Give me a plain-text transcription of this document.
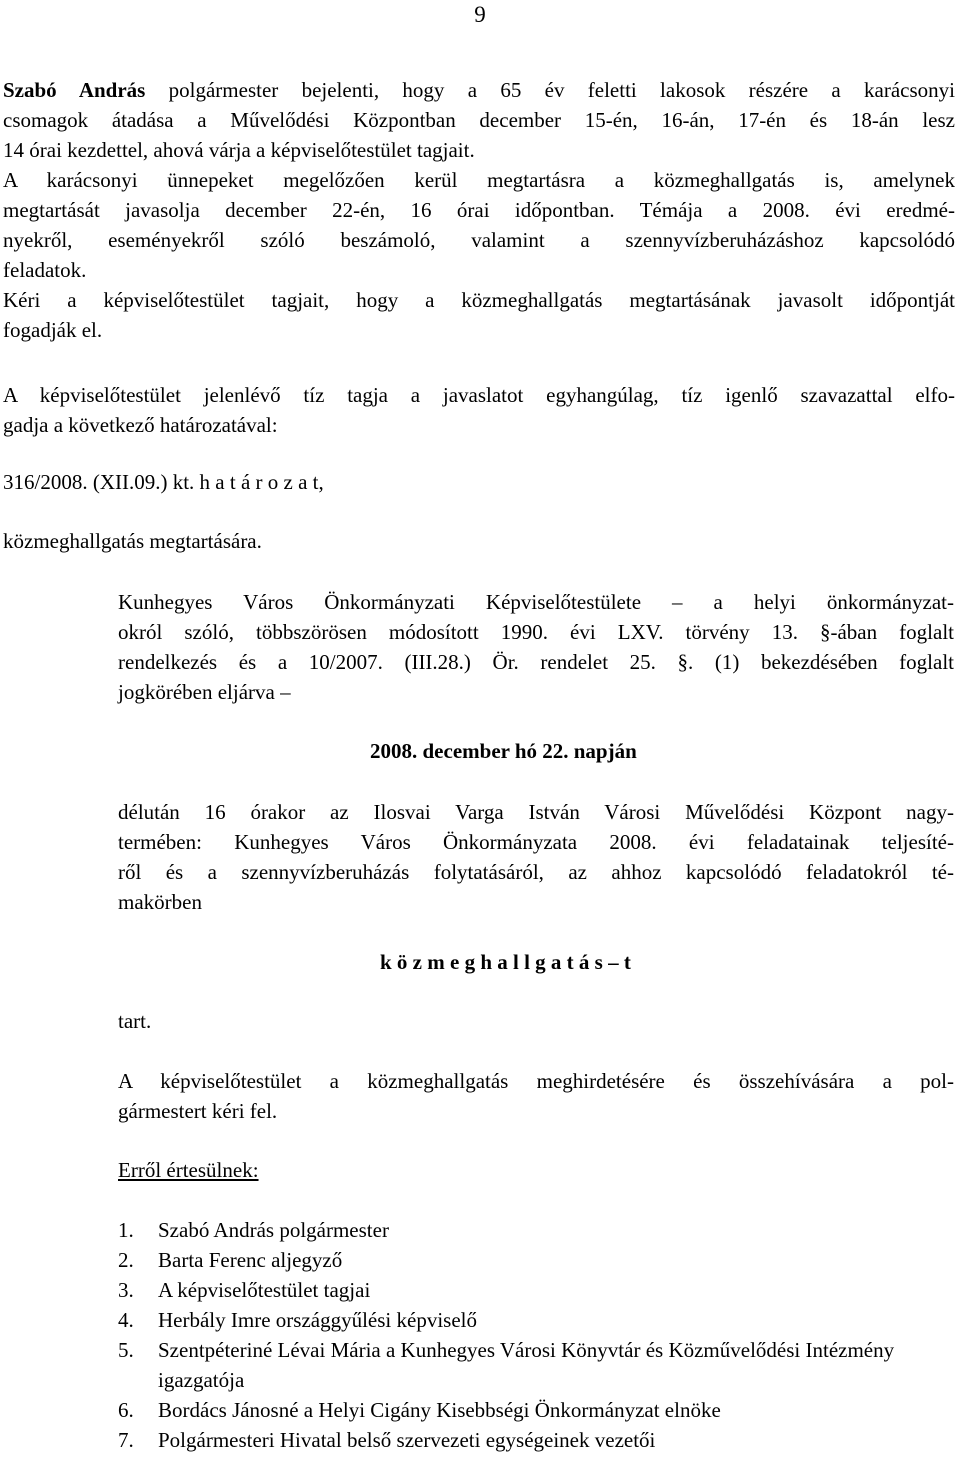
9
Szabó András polgármester bejelenti, hogy a 65 év feletti lakosok részére a karácsonyi
csomagok átadása a Művelődési Központban december 15-én, 16-án, 17-én és 18-án lesz
14 órai kezdettel, ahová várja a képviselőtestület tagjait.
A karácsonyi ünnepeket megelőzően kerül megtartásra a közmeghallgatás is, amelynek
megtartását javasolja december 22-én, 16 órai időpontban. Témája a 2008. évi eredmé-
nyekről, eseményekről szóló beszámoló, valamint a szennyvízberuházáshoz kapcsolódó
feladatok.
Kéri a képviselőtestület tagjait, hogy a közmeghallgatás megtartásának javasolt időpontját
fogadják el.
A képviselőtestület jelenlévő tíz tagja a javaslatot egyhangúlag, tíz igenlő szavazattal elfo-
gadja a következő határozatával:
316/2008. (XII.09.) kt. h a t á r o z a t,
közmeghallgatás megtartására.
Kunhegyes Város Önkormányzati Képviselőtestülete – a helyi önkormányzat-
okról szóló, többszörösen módosított 1990. évi LXV. törvény 13. §-ában foglalt
rendelkezés és a 10/2007. (III.28.) Ör. rendelet 25. §. (1) bekezdésében foglalt
jogkörében eljárva –
2008. december hó 22. napján
délután 16 órakor az Ilosvai Varga István Városi Művelődési Központ nagy-
termében: Kunhegyes Város Önkormányzata 2008. évi feladatainak teljesíté-
ről és a szennyvízberuházás folytatásáról, az ahhoz kapcsolódó feladatokról té-
makörben
k ö z m e g h a l l g a t á s – t
tart.
A képviselőtestület a közmeghallgatás meghirdetésére és összehívására a pol-
gármestert kéri fel.
Erről értesülnek:
1. Szabó András polgármester
2. Barta Ferenc aljegyző
3. A képviselőtestület tagjai
4. Herbály Imre országgyűlési képviselő
5. Szentpéteriné Lévai Mária a Kunhegyes Városi Könyvtár és Közművelődési Intézmény igazgatója
6. Bordács Jánosné a Helyi Cigány Kisebbségi Önkormányzat elnöke
7. Polgármesteri Hivatal belső szervezeti egységeinek vezetői
